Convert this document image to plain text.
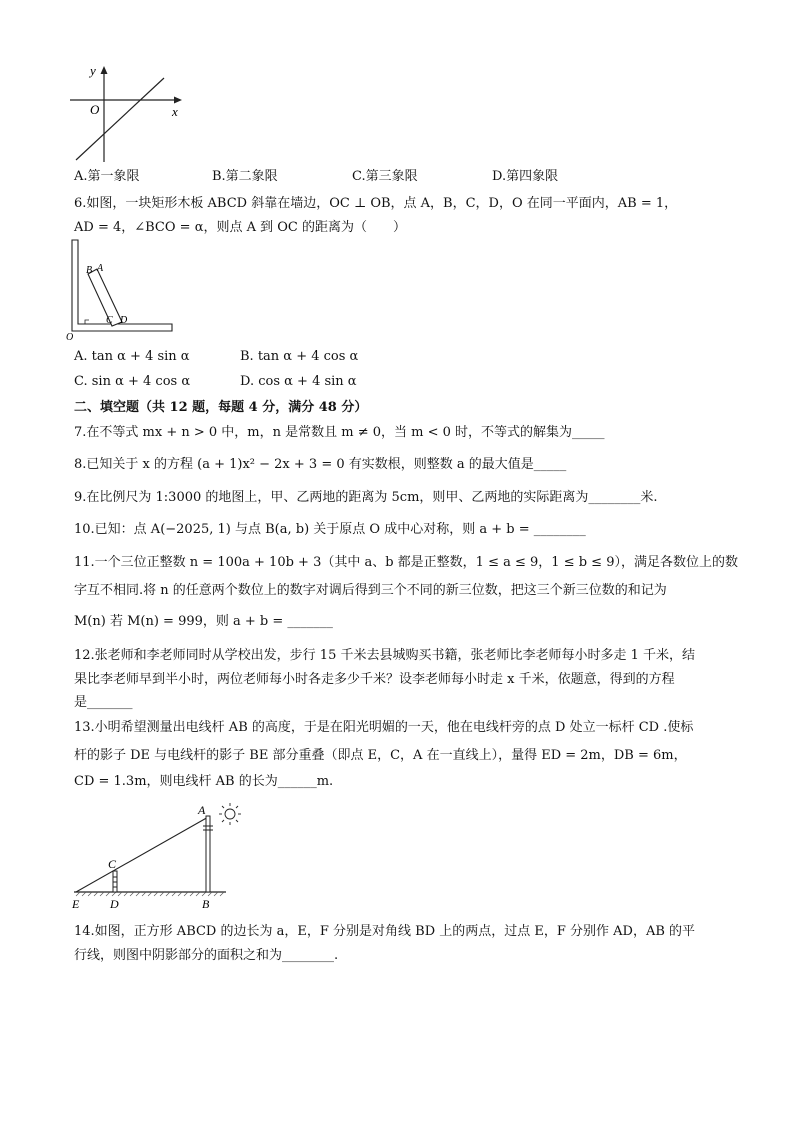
y
x
O
A.第一象限	B.第二象限	C.第三象限	D.第四象限
6.如图，一块矩形木板 ABCD 斜靠在墙边，OC ⊥ OB，点 A，B，C，D，O 在同一平面内，AB = 1，
AD = 4，∠BCO = α，则点 A 到 OC 的距离为（　　）
B A
C D
O
A. tan α + 4 sin α	B. tan α + 4 cos α
C. sin α + 4 cos α	D. cos α + 4 sin α
二、填空题（共 12 题，每题 4 分，满分 48 分）
7.在不等式 mx + n > 0 中，m，n 是常数且 m ≠ 0，当 m < 0 时，不等式的解集为_____
8.已知关于 x 的方程 (a + 1)x² − 2x + 3 = 0 有实数根，则整数 a 的最大值是_____
9.在比例尺为 1:3000 的地图上，甲、乙两地的距离为 5cm，则甲、乙两地的实际距离为________米.
10.已知：点 A(−2025, 1) 与点 B(a, b) 关于原点 O 成中心对称，则 a + b = ________
11.一个三位正整数 n = 100a + 10b + 3（其中 a、b 都是正整数，1 ≤ a ≤ 9，1 ≤ b ≤ 9），满足各数位上的数
字互不相同.将 n 的任意两个数位上的数字对调后得到三个不同的新三位数，把这三个新三位数的和记为
M(n) 若 M(n) = 999，则 a + b = _______
12.张老师和李老师同时从学校出发，步行 15 千米去县城购买书籍，张老师比李老师每小时多走 1 千米，结
果比李老师早到半小时，两位老师每小时各走多少千米？设李老师每小时走 x 千米，依题意，得到的方程
是_______
13.小明希望测量出电线杆 AB 的高度，于是在阳光明媚的一天，他在电线杆旁的点 D 处立一标杆 CD .使标
杆的影子 DE 与电线杆的影子 BE 部分重叠（即点 E，C，A 在一直线上），量得 ED = 2m，DB = 6m，
CD = 1.3m，则电线杆 AB 的长为______m.
A
C
E	D	B
14.如图，正方形 ABCD 的边长为 a，E，F 分别是对角线 BD 上的两点，过点 E，F 分别作 AD，AB 的平
行线，则图中阴影部分的面积之和为________.
